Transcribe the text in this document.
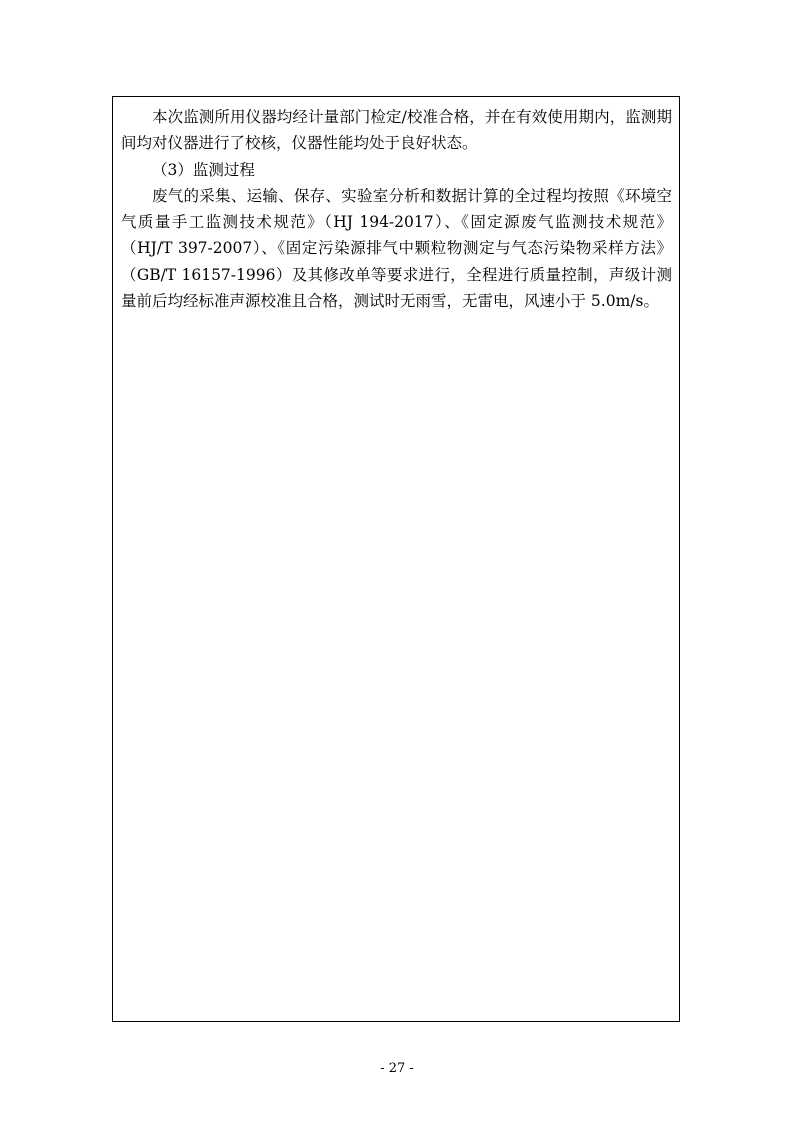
本次监测所用仪器均经计量部门检定/校准合格，并在有效使用期内，监测期间均对仪器进行了校核，仪器性能均处于良好状态。

（3）监测过程

废气的采集、运输、保存、实验室分析和数据计算的全过程均按照《环境空气质量手工监测技术规范》（HJ 194-2017）、《固定源废气监测技术规范》（HJ/T 397-2007）、《固定污染源排气中颗粒物测定与气态污染物采样方法》（GB/T 16157-1996）及其修改单等要求进行，全程进行质量控制，声级计测量前后均经标准声源校准且合格，测试时无雨雪，无雷电，风速小于 5.0m/s。

- 27 -
